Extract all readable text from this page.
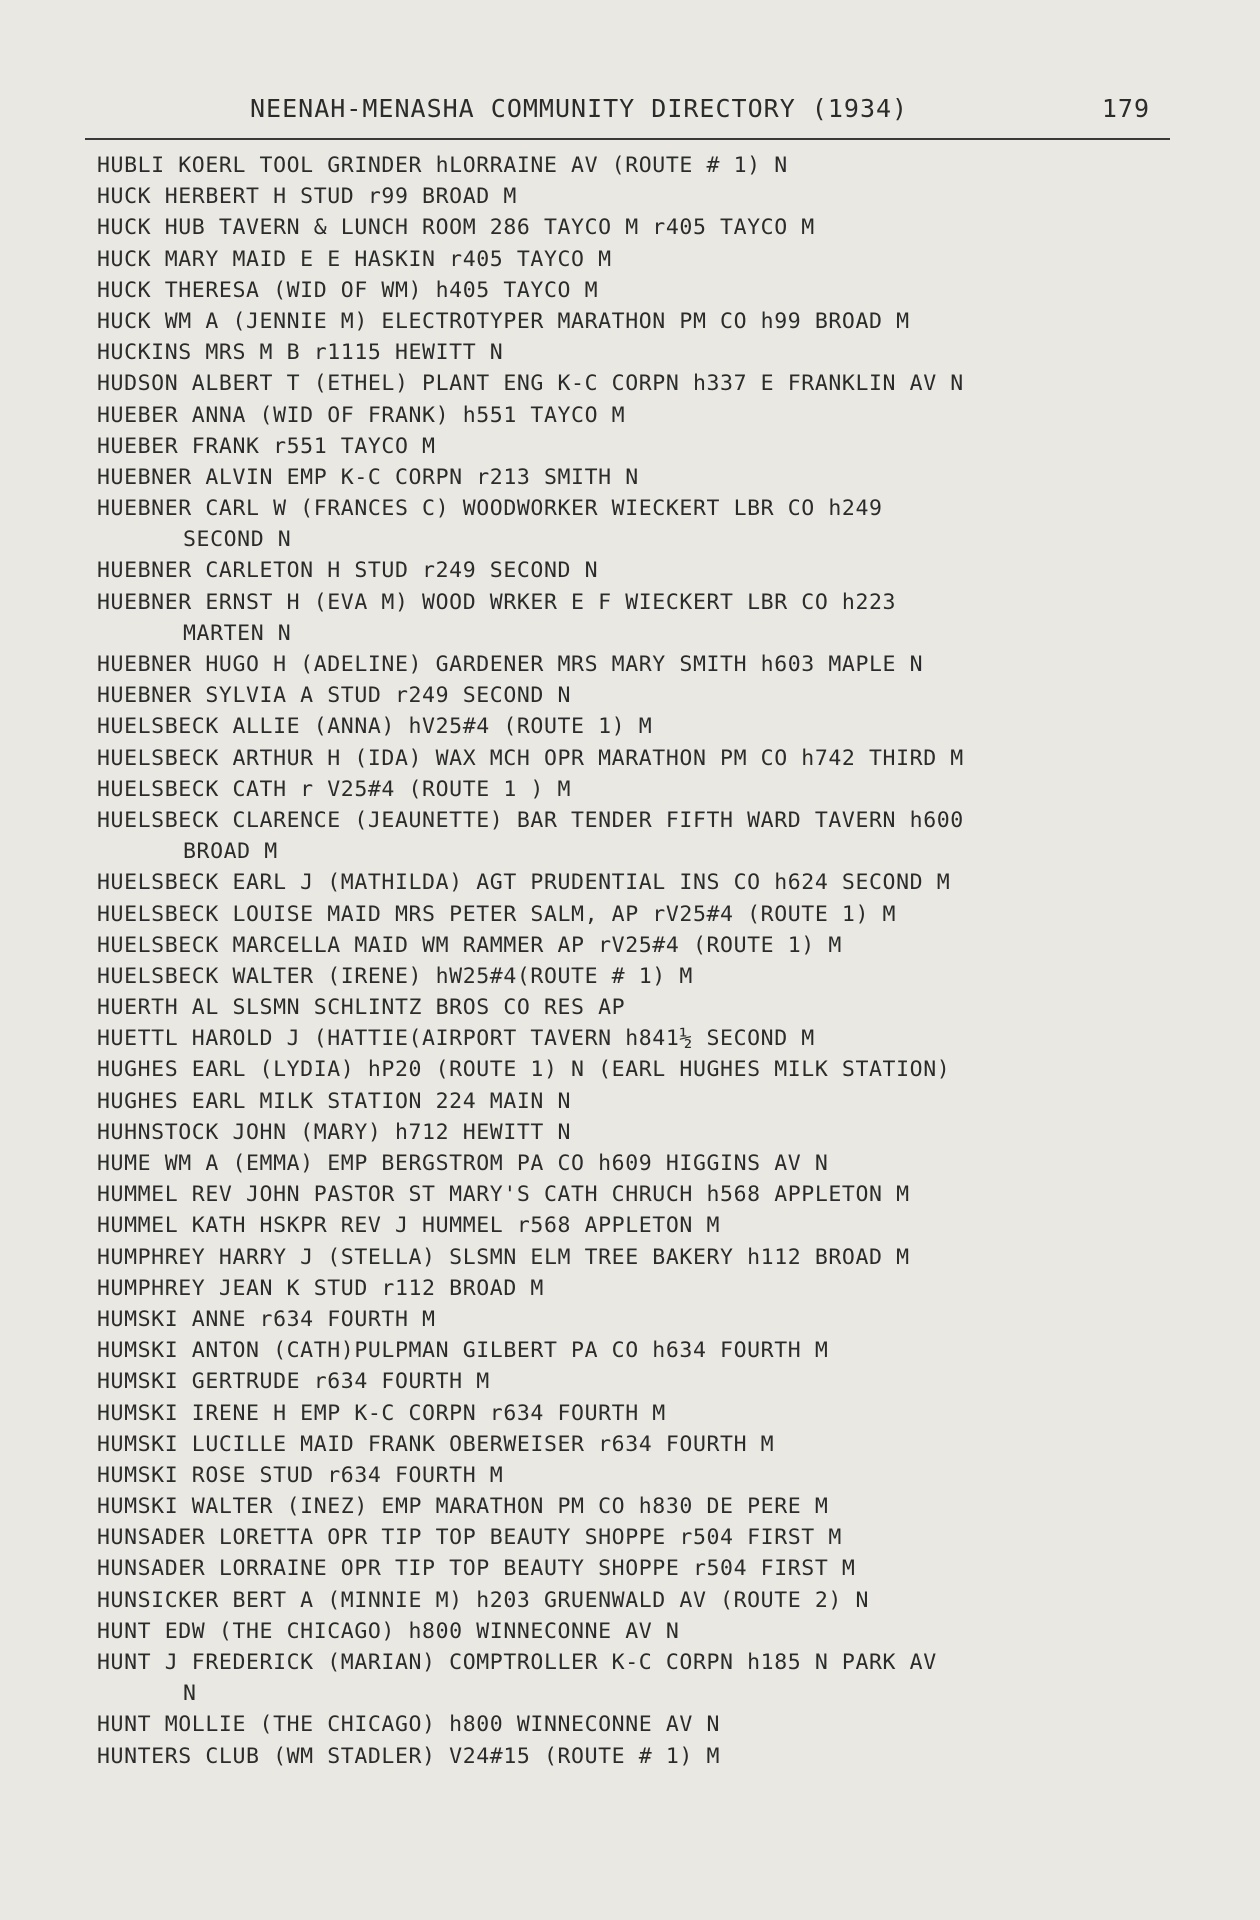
NEENAH-MENASHA COMMUNITY DIRECTORY (1934)	179
HUBLI KOERL TOOL GRINDER hLORRAINE AV (ROUTE # 1) N
HUCK HERBERT H STUD r99 BROAD M
HUCK HUB TAVERN & LUNCH ROOM 286 TAYCO M r405 TAYCO M
HUCK MARY MAID E E HASKIN r405 TAYCO M
HUCK THERESA (WID OF WM) h405 TAYCO M
HUCK WM A (JENNIE M) ELECTROTYPER MARATHON PM CO h99 BROAD M
HUCKINS MRS M B r1115 HEWITT N
HUDSON ALBERT T (ETHEL) PLANT ENG K-C CORPN h337 E FRANKLIN AV N
HUEBER ANNA (WID OF FRANK) h551 TAYCO M
HUEBER FRANK r551 TAYCO M
HUEBNER ALVIN EMP K-C CORPN r213 SMITH N
HUEBNER CARL W (FRANCES C) WOODWORKER WIECKERT LBR CO h249
SECOND N
HUEBNER CARLETON H STUD r249 SECOND N
HUEBNER ERNST H (EVA M) WOOD WRKER E F WIECKERT LBR CO h223
MARTEN N
HUEBNER HUGO H (ADELINE) GARDENER MRS MARY SMITH h603 MAPLE N
HUEBNER SYLVIA A STUD r249 SECOND N
HUELSBECK ALLIE (ANNA) hV25#4 (ROUTE 1) M
HUELSBECK ARTHUR H (IDA) WAX MCH OPR MARATHON PM CO h742 THIRD M
HUELSBECK CATH r V25#4 (ROUTE 1 ) M
HUELSBECK CLARENCE (JEAUNETTE) BAR TENDER FIFTH WARD TAVERN h600
BROAD M
HUELSBECK EARL J (MATHILDA) AGT PRUDENTIAL INS CO h624 SECOND M
HUELSBECK LOUISE MAID MRS PETER SALM, AP rV25#4 (ROUTE 1) M
HUELSBECK MARCELLA MAID WM RAMMER AP rV25#4 (ROUTE 1) M
HUELSBECK WALTER (IRENE) hW25#4(ROUTE # 1) M
HUERTH AL SLSMN SCHLINTZ BROS CO RES AP
HUETTL HAROLD J (HATTIE(AIRPORT TAVERN h841½ SECOND M
HUGHES EARL (LYDIA) hP20 (ROUTE 1) N (EARL HUGHES MILK STATION)
HUGHES EARL MILK STATION 224 MAIN N
HUHNSTOCK JOHN (MARY) h712 HEWITT N
HUME WM A (EMMA) EMP BERGSTROM PA CO h609 HIGGINS AV N
HUMMEL REV JOHN PASTOR ST MARY'S CATH CHRUCH h568 APPLETON M
HUMMEL KATH HSKPR REV J HUMMEL r568 APPLETON M
HUMPHREY HARRY J (STELLA) SLSMN ELM TREE BAKERY h112 BROAD M
HUMPHREY JEAN K STUD r112 BROAD M
HUMSKI ANNE r634 FOURTH M
HUMSKI ANTON (CATH)PULPMAN GILBERT PA CO h634 FOURTH M
HUMSKI GERTRUDE r634 FOURTH M
HUMSKI IRENE H EMP K-C CORPN r634 FOURTH M
HUMSKI LUCILLE MAID FRANK OBERWEISER r634 FOURTH M
HUMSKI ROSE STUD r634 FOURTH M
HUMSKI WALTER (INEZ) EMP MARATHON PM CO h830 DE PERE M
HUNSADER LORETTA OPR TIP TOP BEAUTY SHOPPE r504 FIRST M
HUNSADER LORRAINE OPR TIP TOP BEAUTY SHOPPE r504 FIRST M
HUNSICKER BERT A (MINNIE M) h203 GRUENWALD AV (ROUTE 2) N
HUNT EDW (THE CHICAGO) h800 WINNECONNE AV N
HUNT J FREDERICK (MARIAN) COMPTROLLER K-C CORPN h185 N PARK AV
N
HUNT MOLLIE (THE CHICAGO) h800 WINNECONNE AV N
HUNTERS CLUB (WM STADLER) V24#15 (ROUTE # 1) M
